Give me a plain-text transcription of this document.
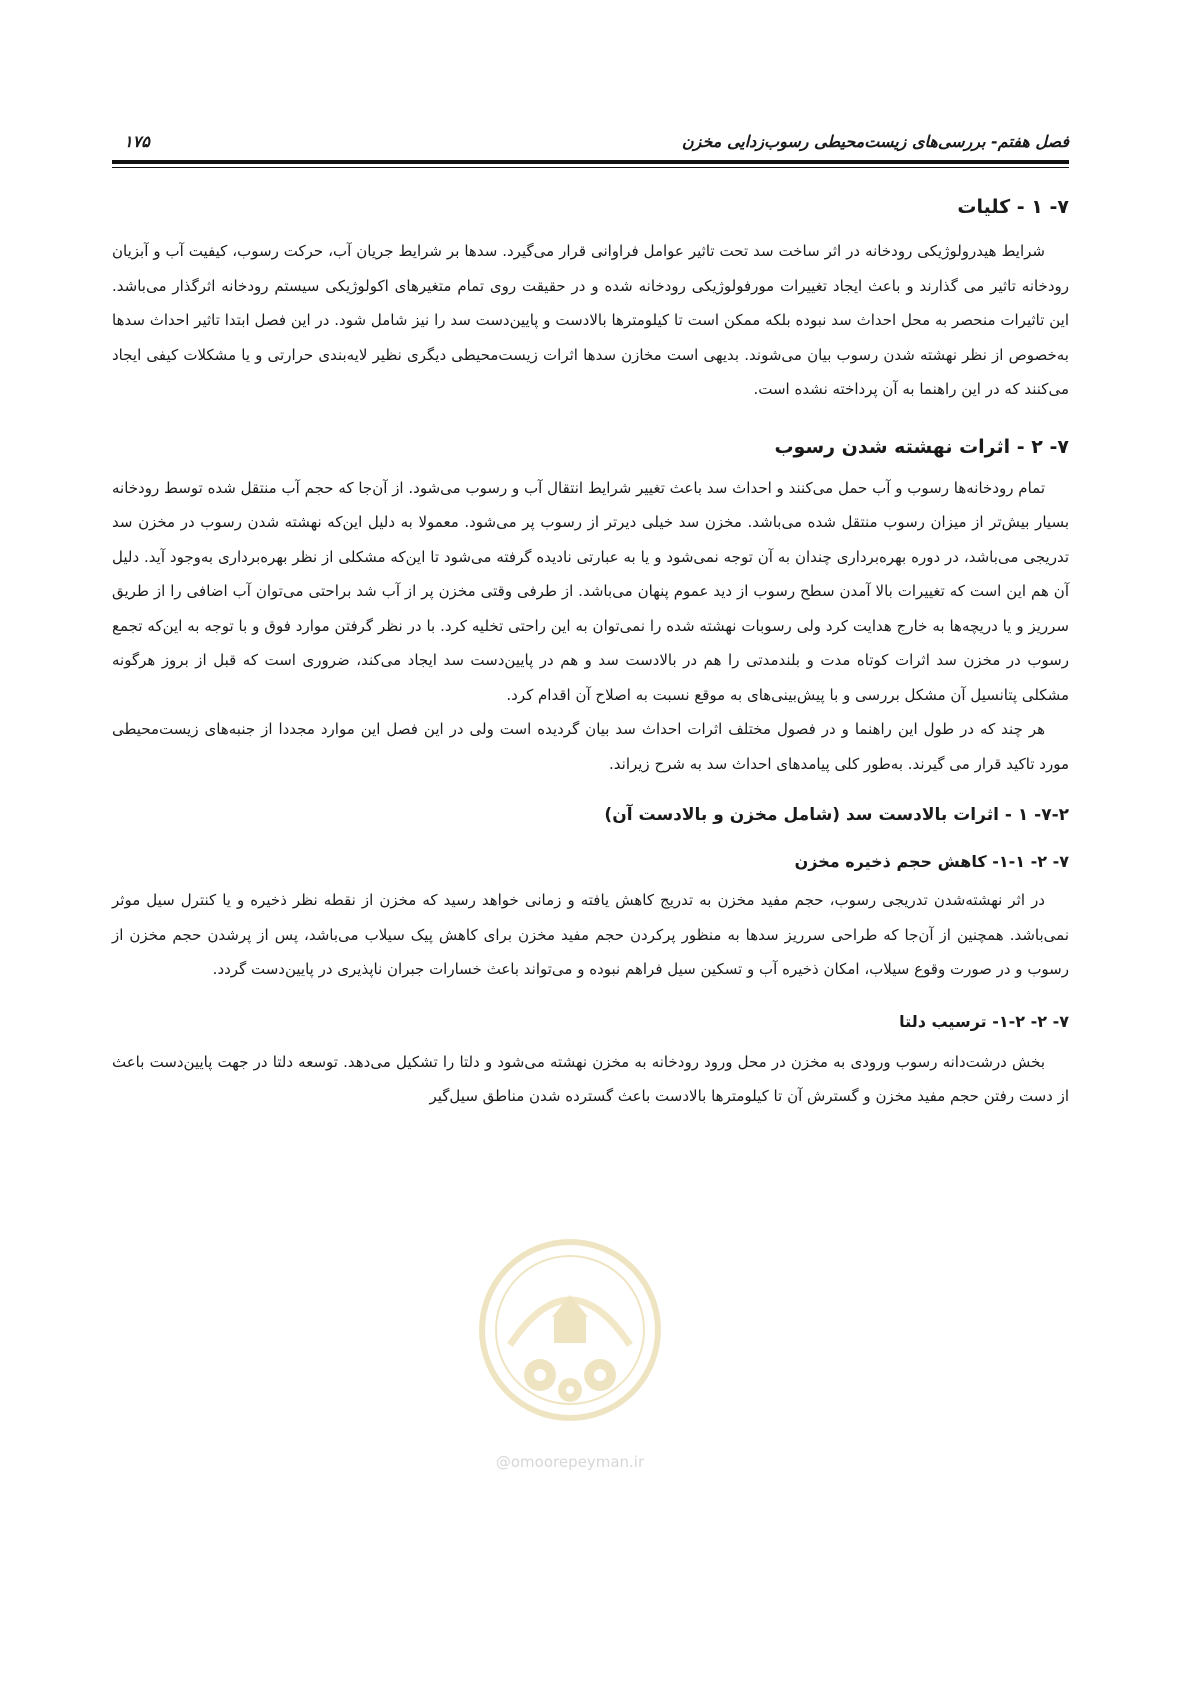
فصل هفتم- بررسی‌های زیست‌محیطی رسوب‌زدایی مخزن
۱۷۵
۷- ۱ - کلیات

شرایط هیدرولوژیکی رودخانه در اثر ساخت سد تحت تاثیر عوامل فراوانی قرار می‌گیرد. سدها بر شرایط جریان آب، حرکت رسوب، کیفیت آب و آبزیان رودخانه تاثیر می گذارند و باعث ایجاد تغییرات مورفولوژیکی رودخانه شده و در حقیقت روی تمام متغیرهای اکولوژیکی سیستم رودخانه اثرگذار می‌باشد. این تاثیرات منحصر به محل احداث سد نبوده بلکه ممکن است تا کیلومترها بالادست و پایین‌دست سد را نیز شامل شود. در این فصل ابتدا تاثیر احداث سدها به‌خصوص از نظر نهشته شدن رسوب بیان می‌شوند. بدیهی است مخازن سدها اثرات زیست‌محیطی دیگری نظیر لایه‌بندی حرارتی و یا مشکلات کیفی ایجاد می‌کنند که در این راهنما به آن پرداخته نشده است.

۷- ۲ - اثرات نهشته شدن رسوب

تمام رودخانه‌ها رسوب و آب حمل می‌کنند و احداث سد باعث تغییر شرایط انتقال آب و رسوب می‌شود. از آن‌جا که حجم آب منتقل شده توسط رودخانه بسیار بیش‌تر از میزان رسوب منتقل شده می‌باشد. مخزن سد خیلی دیرتر از رسوب پر می‌شود. معمولا به دلیل این‌که نهشته شدن رسوب در مخزن سد تدریجی می‌باشد، در دوره بهره‌برداری چندان به آن توجه نمی‌شود و یا به عبارتی نادیده گرفته می‌شود تا این‌که مشکلی از نظر بهره‌برداری به‌وجود آید. دلیل آن هم این است که تغییرات بالا آمدن سطح رسوب از دید عموم پنهان می‌باشد. از طرفی وقتی مخزن پر از آب شد براحتی می‌توان آب اضافی را از طریق سرریز و یا دریچه‌ها به خارج هدایت کرد ولی رسوبات نهشته شده را نمی‌توان به این راحتی تخلیه کرد. با در نظر گرفتن موارد فوق و با توجه به این‌که تجمع رسوب در مخزن سد اثرات کوتاه مدت و بلندمدتی را هم در بالادست سد و هم در پایین‌دست سد ایجاد می‌کند، ضروری است که قبل از بروز هرگونه مشکلی پتانسیل آن مشکل بررسی و با پیش‌بینی‌های به موقع نسبت به اصلاح آن اقدام کرد.

هر چند که در طول این راهنما و در فصول مختلف اثرات احداث سد بیان گردیده است ولی در این فصل این موارد مجددا از جنبه‌های زیست‌محیطی مورد تاکید قرار می گیرند. به‌طور کلی پیامدهای احداث سد به شرح زیراند.

۷-۲- ۱ - اثرات بالادست سد (شامل مخزن و بالادست آن)
۷- ۲- ۱-۱- کاهش حجم ذخیره مخزن

در اثر نهشته‌شدن تدریجی رسوب، حجم مفید مخزن به تدریج کاهش یافته و زمانی خواهد رسید که مخزن از نقطه نظر ذخیره و یا کنترل سیل موثر نمی‌باشد. همچنین از آن‌جا که طراحی سرریز سدها به منظور پرکردن حجم مفید مخزن برای کاهش پیک سیلاب می‌باشد، پس از پرشدن حجم مخزن از رسوب و در صورت وقوع سیلاب، امکان ذخیره آب و تسکین سیل فراهم نبوده و می‌تواند باعث خسارات جبران ناپذیری در پایین‌دست گردد.

۷- ۲- ۱-۲- ترسیب دلتا

بخش درشت‌دانه رسوب ورودی به مخزن در محل ورود رودخانه به مخزن نهشته می‌شود و دلتا را تشکیل می‌دهد. توسعه دلتا در جهت پایین‌دست باعث از دست رفتن حجم مفید مخزن و گسترش آن تا کیلومترها بالادست باعث گسترده شدن مناطق سیل‌گیر

@omoorepeyman.ir
